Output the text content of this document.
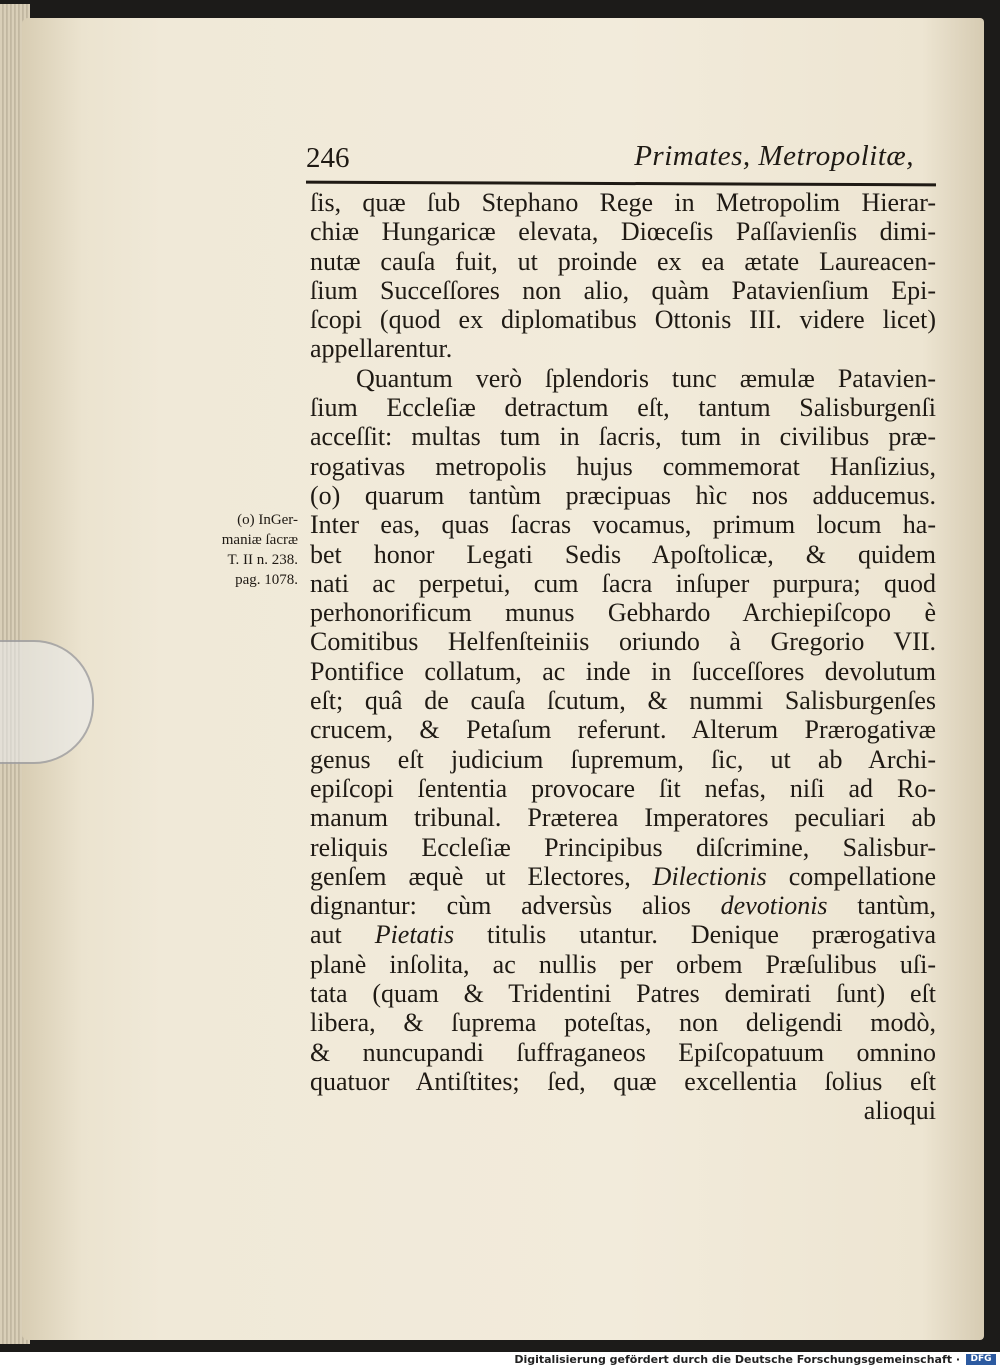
246	Primates, Metropolitæ,
(o) InGer-
maniæ ſacræ
T. II n. 238.
pag. 1078.
ſis, quæ ſub Stephano Rege in Metropolim Hierar-
chiæ Hungaricæ elevata, Diœceſis Paſſavienſis dimi-
nutæ cauſa fuit, ut proinde ex ea ætate Laureacen-
ſium Succeſſores non alio, quàm Patavienſium Epi-
ſcopi (quod ex diplomatibus Ottonis III. videre licet)
appellarentur.
Quantum verò ſplendoris tunc æmulæ Patavien-
ſium Eccleſiæ detractum eſt, tantum Salisburgenſi
acceſſit: multas tum in ſacris, tum in civilibus præ-
rogativas metropolis hujus commemorat Hanſizius,
(o) quarum tantùm præcipuas hìc nos adducemus.
Inter eas, quas ſacras vocamus, primum locum ha-
bet honor Legati Sedis Apoſtolicæ, & quidem
nati ac perpetui, cum ſacra inſuper purpura; quod
perhonorificum munus Gebhardo Archiepiſcopo è
Comitibus Helfenſteiniis oriundo à Gregorio VII.
Pontifice collatum, ac inde in ſucceſſores devolutum
eſt; quâ de cauſa ſcutum, & nummi Salisburgenſes
crucem, & Petaſum referunt. Alterum Prærogativæ
genus eſt judicium ſupremum, ſic, ut ab Archi-
epiſcopi ſententia provocare ſit nefas, niſi ad Ro-
manum tribunal. Præterea Imperatores peculiari ab
reliquis Eccleſiæ Principibus diſcrimine, Salisbur-
genſem æquè ut Electores, Dilectionis compellatione
dignantur: cùm adversùs alios devotionis tantùm,
aut Pietatis titulis utantur. Denique prærogativa
planè inſolita, ac nullis per orbem Præſulibus uſi-
tata (quam & Tridentini Patres demirati ſunt) eſt
libera, & ſuprema poteſtas, non deligendi modò,
& nuncupandi ſuffraganeos Epiſcopatuum omnino
quatuor Antiſtites; ſed, quæ excellentia ſolius eſt
alioqui
Digitalisierung gefördert durch die Deutsche Forschungsgemeinschaft ·	DFG
